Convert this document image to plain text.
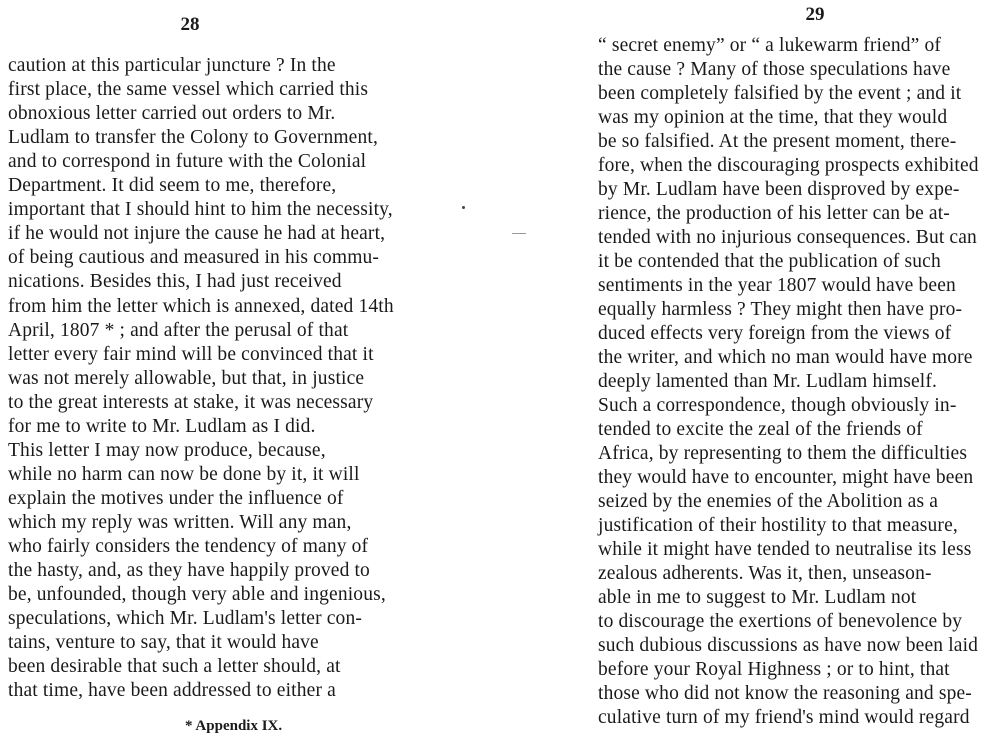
28
caution at this particular juncture ? In the
first place, the same vessel which carried this
obnoxious letter carried out orders to Mr.
Ludlam to transfer the Colony to Government,
and to correspond in future with the Colonial
Department. It did seem to me, therefore,
important that I should hint to him the necessity,
if he would not injure the cause he had at heart,
of being cautious and measured in his commu-
nications. Besides this, I had just received
from him the letter which is annexed, dated 14th
April, 1807 * ; and after the perusal of that
letter every fair mind will be convinced that it
was not merely allowable, but that, in justice
to the great interests at stake, it was necessary
for me to write to Mr. Ludlam as I did.
This letter I may now produce, because,
while no harm can now be done by it, it will
explain the motives under the influence of
which my reply was written. Will any man,
who fairly considers the tendency of many of
the hasty, and, as they have happily proved to
be, unfounded, though very able and ingenious,
speculations, which Mr. Ludlam's letter con-
tains, venture to say, that it would have
been desirable that such a letter should, at
that time, have been addressed to either a
* Appendix IX.
29
“ secret enemy” or “ a lukewarm friend” of
the cause ? Many of those speculations have
been completely falsified by the event ; and it
was my opinion at the time, that they would
be so falsified. At the present moment, there-
fore, when the discouraging prospects exhibited
by Mr. Ludlam have been disproved by expe-
rience, the production of his letter can be at-
tended with no injurious consequences. But can
it be contended that the publication of such
sentiments in the year 1807 would have been
equally harmless ? They might then have pro-
duced effects very foreign from the views of
the writer, and which no man would have more
deeply lamented than Mr. Ludlam himself.
Such a correspondence, though obviously in-
tended to excite the zeal of the friends of
Africa, by representing to them the difficulties
they would have to encounter, might have been
seized by the enemies of the Abolition as a
justification of their hostility to that measure,
while it might have tended to neutralise its less
zealous adherents. Was it, then, unseason-
able in me to suggest to Mr. Ludlam not
to discourage the exertions of benevolence by
such dubious discussions as have now been laid
before your Royal Highness ; or to hint, that
those who did not know the reasoning and spe-
culative turn of my friend's mind would regard
